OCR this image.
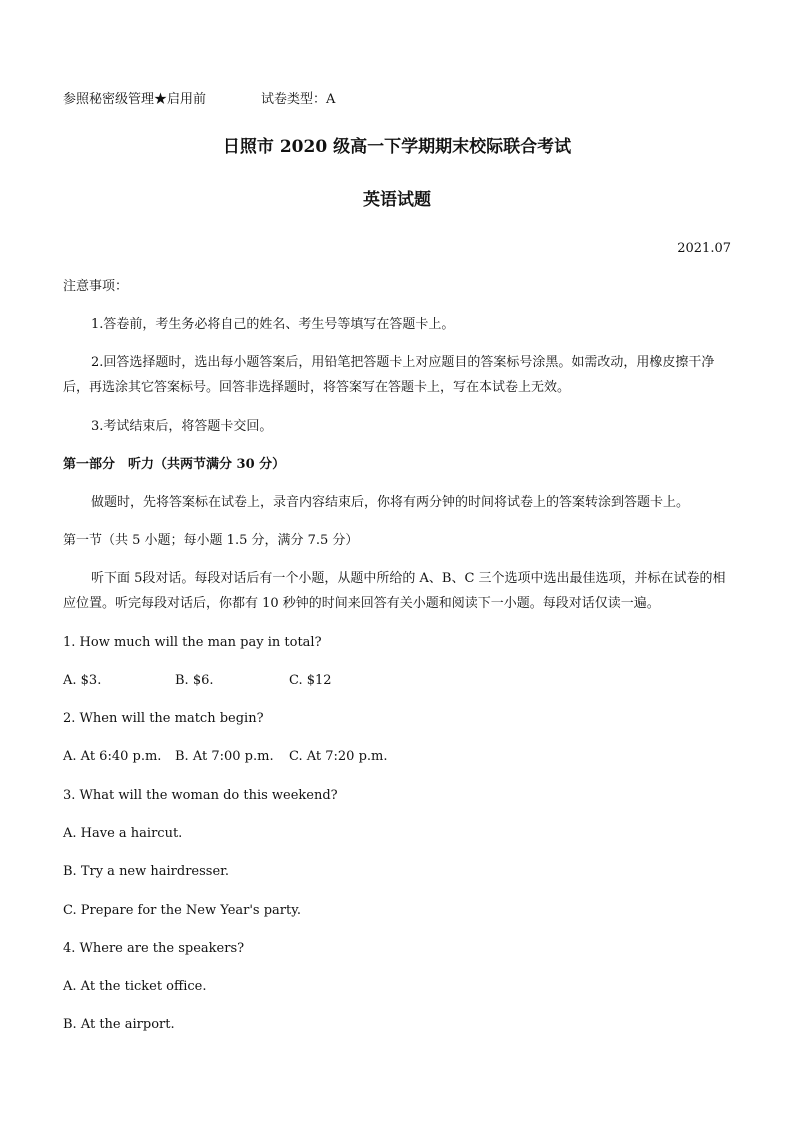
参照秘密级管理★启用前	试卷类型：A
日照市 2020 级高一下学期期末校际联合考试
英语试题
2021.07
注意事项：
1.答卷前，考生务必将自己的姓名、考生号等填写在答题卡上。
2.回答选择题时，选出每小题答案后，用铅笔把答题卡上对应题目的答案标号涂黑。如需改动，用橡皮擦干净后，再选涂其它答案标号。回答非选择题时，将答案写在答题卡上，写在本试卷上无效。
3.考试结束后，将答题卡交回。
第一部分　听力（共两节满分 30 分）
做题时，先将答案标在试卷上，录音内容结束后，你将有两分钟的时间将试卷上的答案转涂到答题卡上。
第一节（共 5 小题；每小题 1.5 分，满分 7.5 分）
听下面 5段对话。每段对话后有一个小题，从题中所给的 A、B、C 三个选项中选出最佳选项，并标在试卷的相应位置。听完每段对话后，你都有 10 秒钟的时间来回答有关小题和阅读下一小题。每段对话仅读一遍。
1. How much will the man pay in total?
A. $3.	B. $6.	C. $12
2. When will the match begin?
A. At 6:40 p.m. B. At 7:00 p.m. C. At 7:20 p.m.
3. What will the woman do this weekend?
A. Have a haircut.
B. Try a new hairdresser.
C. Prepare for the New Year's party.
4. Where are the speakers?
A. At the ticket office.
B. At the airport.
